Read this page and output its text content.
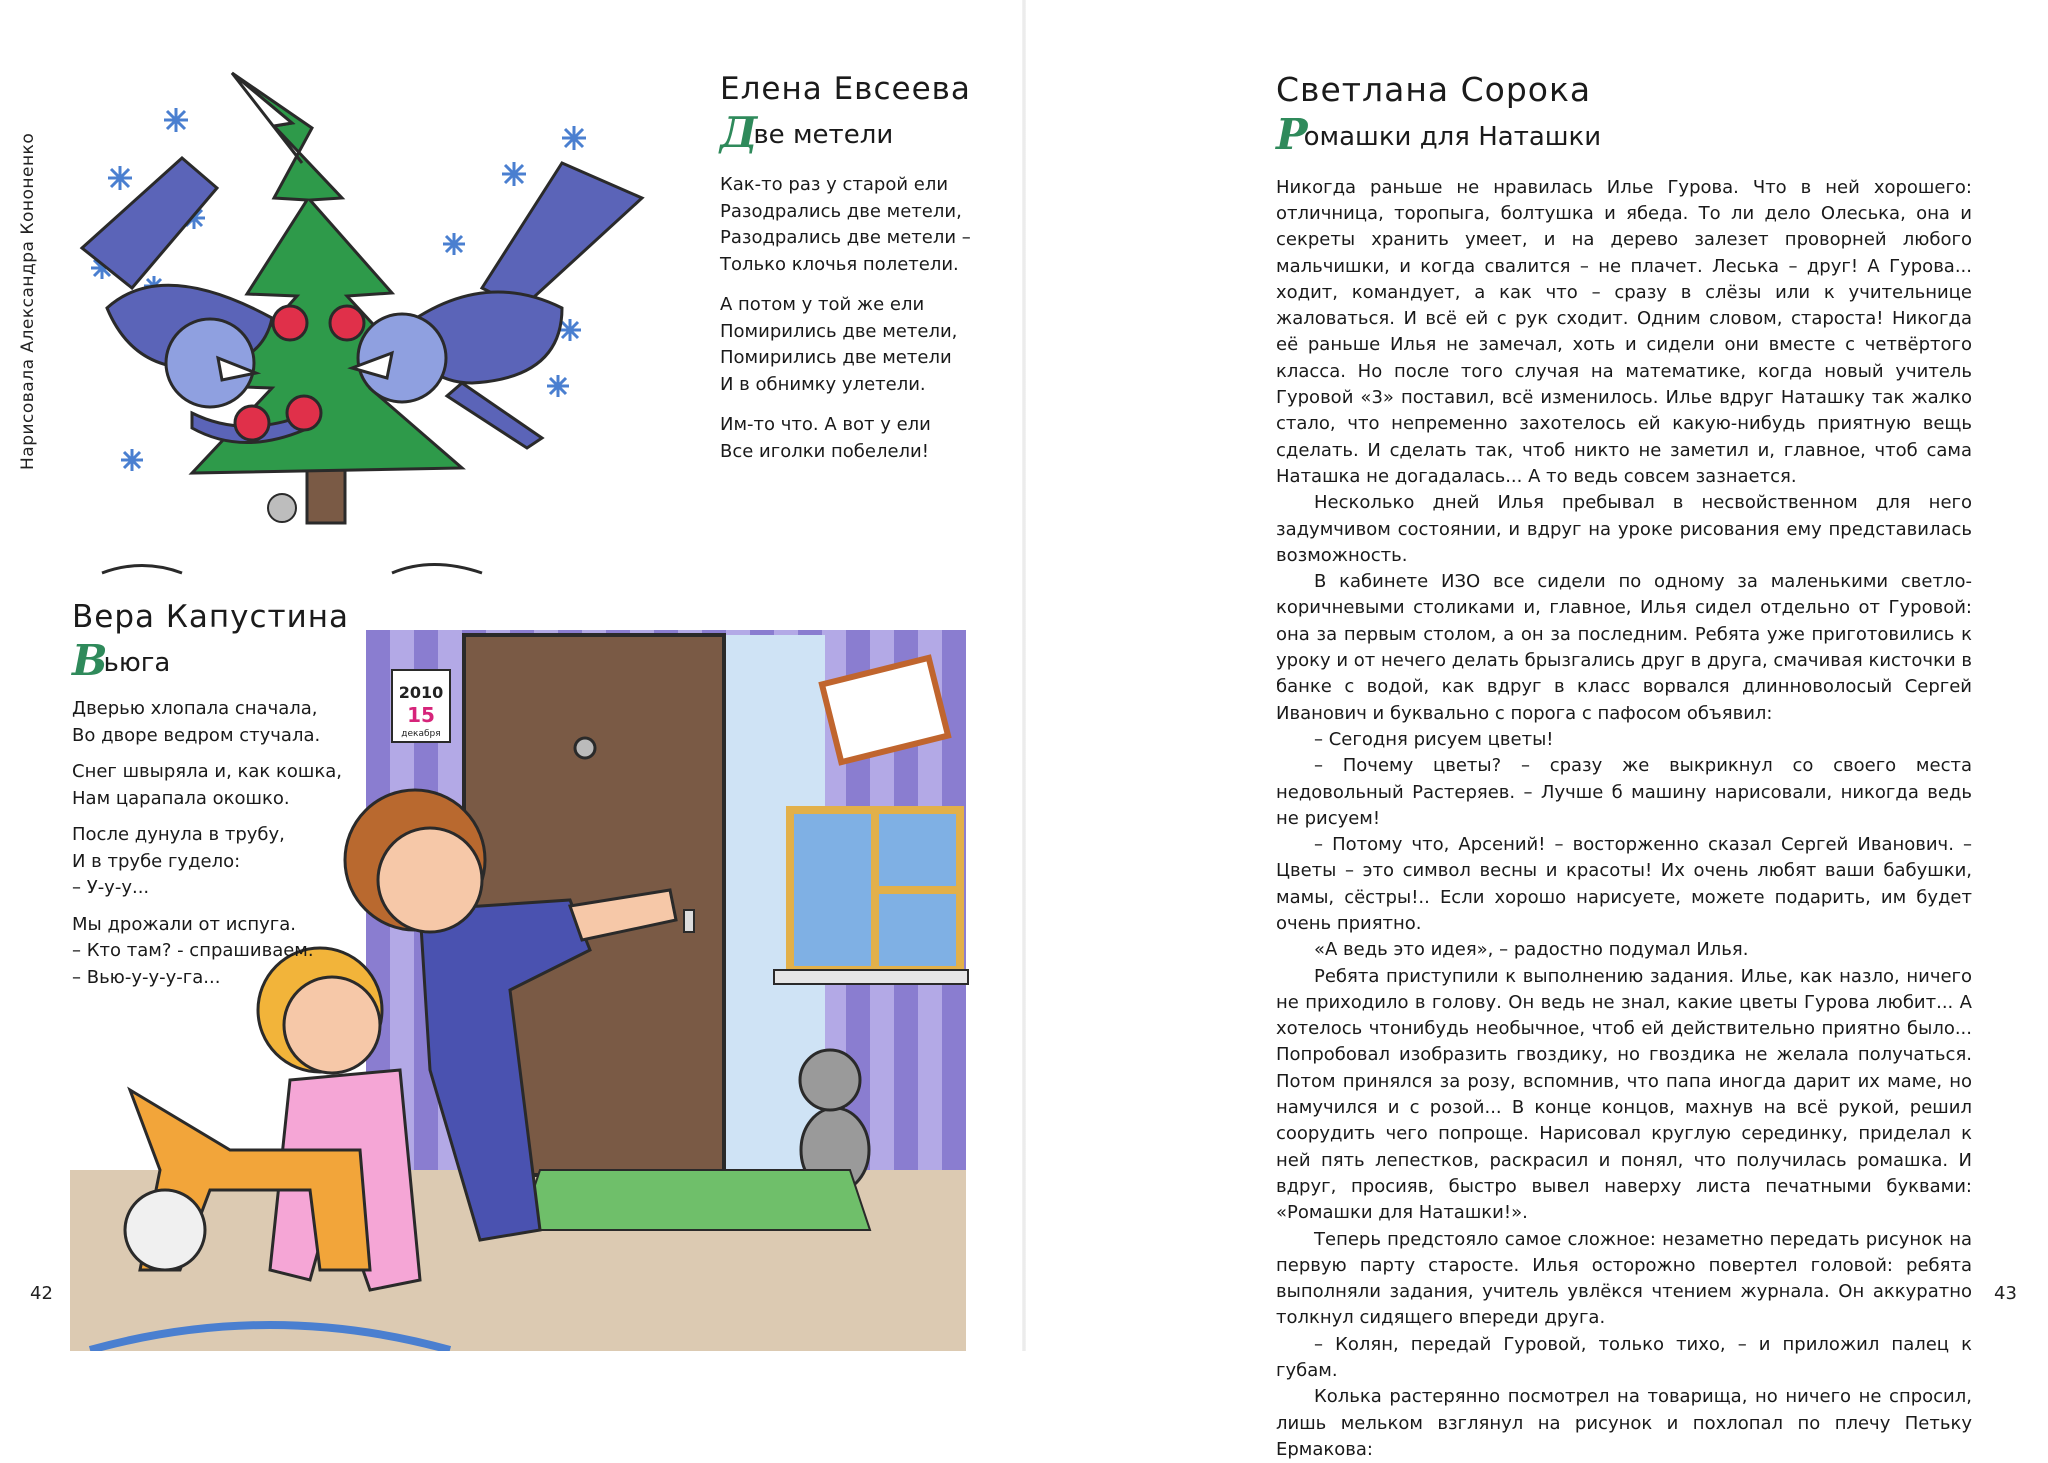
Нарисовала Александра Кононенко
Елена Евсеева
Две метели
Как-то раз у старой ели
Разодрались две метели,
Разодрались две метели –
Только клочья полетели.
А потом у той же ели
Помирились две метели,
Помирились две метели
И в обнимку улетели.
Им-то что. А вот у ели
Все иголки побелели!
2010
15
декабря
Вера Капустина
Вьюга
Дверью хлопала сначала,
Во дворе ведром стучала.
Снег швыряла и, как кошка,
Нам царапала окошко.
После дунула в трубу,
И в трубе гудело:
– У-у-у...
Мы дрожали от испуга.
– Кто там? - спрашиваем.
– Вью-у-у-у-га...
42
Светлана Сорока
Ромашки для Наташки

Никогда раньше не нравилась Илье Гурова. Что в ней хорошего: отличница, торопыга, болтушка и ябеда. То ли дело Олеська, она и секреты хранить умеет, и на дерево залезет проворней любого мальчишки, и когда свалится – не плачет. Леська – друг! А Гурова... ходит, командует, а как что – сразу в слёзы или к учительнице жаловаться. И всё ей с рук сходит. Одним словом, староста! Никогда её раньше Илья не замечал, хоть и сидели они вместе с четвёртого класса. Но после того случая на математике, когда новый учитель Гуровой «3» поставил, всё изменилось. Илье вдруг Наташку так жалко стало, что непременно захотелось ей какую-нибудь приятную вещь сделать. И сделать так, чтоб никто не заметил и, главное, чтоб сама Наташка не догадалась... А то ведь совсем зазнается.

Несколько дней Илья пребывал в несвойственном для него задумчивом состоянии, и вдруг на уроке рисования ему представилась возможность.

В кабинете ИЗО все сидели по одному за маленькими светло-коричневыми столиками и, главное, Илья сидел отдельно от Гуровой: она за первым столом, а он за последним. Ребята уже приготовились к уроку и от нечего делать брызгались друг в друга, смачивая кисточки в банке с водой, как вдруг в класс ворвался длинноволосый Сергей Иванович и буквально с порога с пафосом объявил:

– Сегодня рисуем цветы!

– Почему цветы? – сразу же выкрикнул со своего места недовольный Растеряев. – Лучше б машину нарисовали, никогда ведь не рисуем!

– Потому что, Арсений! – восторженно сказал Сергей Иванович. – Цветы – это символ весны и красоты! Их очень любят ваши бабушки, мамы, сёстры!.. Если хорошо нарисуете, можете подарить, им будет очень приятно.

«А ведь это идея», – радостно подумал Илья.

Ребята приступили к выполнению задания. Илье, как назло, ничего не приходило в голову. Он ведь не знал, какие цветы Гурова любит... А хотелось чтонибудь необычное, чтоб ей действительно приятно было... Попробовал изобразить гвоздику, но гвоздика не желала получаться. Потом принялся за розу, вспомнив, что папа иногда дарит их маме, но намучился и с розой... В конце концов, махнув на всё рукой, решил соорудить чего попроще. Нарисовал круглую серединку, приделал к ней пять лепестков, раскрасил и понял, что получилась ромашка. И вдруг, просияв, быстро вывел наверху листа печатными буквами: «Ромашки для Наташки!».

Теперь предстояло самое сложное: незаметно передать рисунок на первую парту старосте. Илья осторожно повертел головой: ребята выполняли задания, учитель увлёкся чтением журнала. Он аккуратно толкнул сидящего впереди друга.

– Колян, передай Гуровой, только тихо, – и приложил палец к губам.

Колька растерянно посмотрел на товарища, но ничего не спросил, лишь мельком взглянул на рисунок и похлопал по плечу Петьку Ермакова:

43
